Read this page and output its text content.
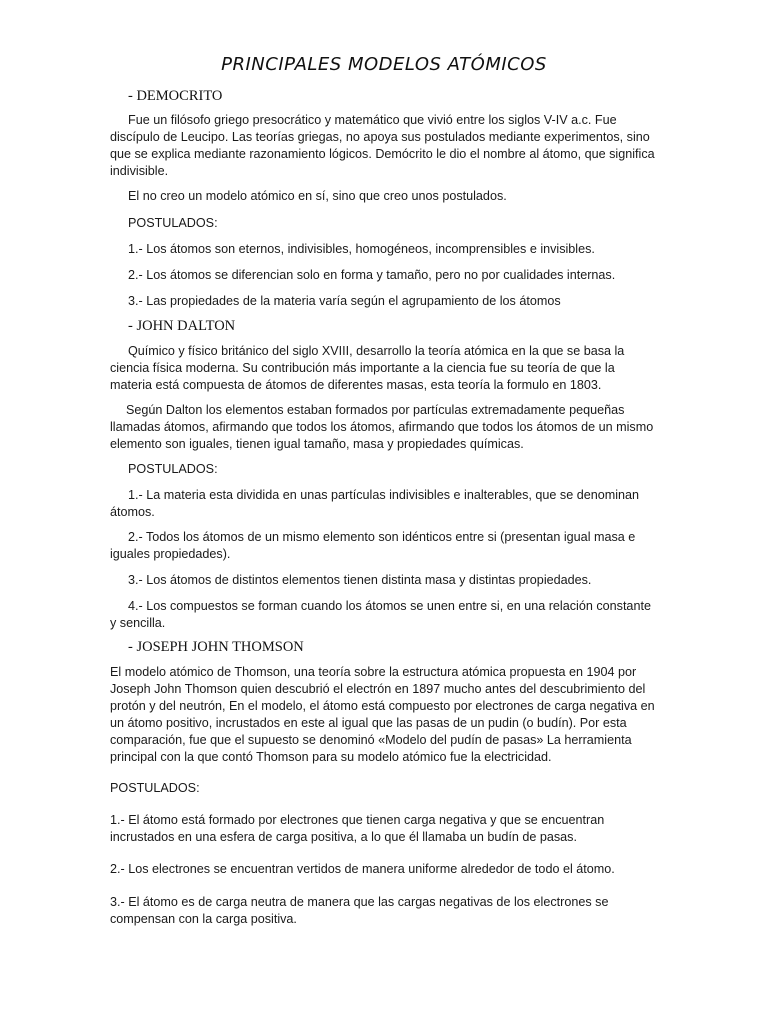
PRINCIPALES MODELOS ATÓMICOS
- DEMOCRITO
Fue un filósofo griego presocrático y matemático que vivió entre los siglos V-IV a.c. Fue discípulo de Leucipo. Las teorías griegas, no apoya sus postulados mediante experimentos, sino que se explica mediante razonamiento lógicos. Demócrito le dio el nombre al átomo, que significa indivisible.
El no creo un modelo atómico en sí, sino que creo unos postulados.
POSTULADOS:
1.- Los átomos son eternos, indivisibles, homogéneos, incomprensibles e invisibles.
2.- Los átomos se diferencian solo en forma y tamaño, pero no por cualidades internas.
3.- Las propiedades de la materia varía según el agrupamiento de los átomos
- JOHN DALTON
Químico y físico británico del siglo XVIII, desarrollo la teoría atómica en la que se basa la ciencia física moderna. Su contribución más importante a la ciencia fue su teoría de que la materia está compuesta de átomos de diferentes masas, esta teoría la formulo en 1803.
Según Dalton los elementos estaban formados por partículas extremadamente pequeñas llamadas átomos, afirmando que todos los átomos, afirmando que todos los átomos de un mismo elemento son iguales, tienen igual tamaño, masa y propiedades químicas.
POSTULADOS:
1.- La materia esta dividida en unas partículas indivisibles e inalterables, que se denominan átomos.
2.- Todos los átomos de un mismo elemento son idénticos entre si (presentan igual masa e iguales propiedades).
3.- Los átomos de distintos elementos tienen distinta masa y distintas propiedades.
4.- Los compuestos se forman cuando los átomos se unen entre si, en una relación constante y sencilla.
- JOSEPH JOHN THOMSON
El modelo atómico de Thomson, una teoría sobre la estructura atómica propuesta en 1904 por Joseph John Thomson quien descubrió el electrón en 1897 mucho antes del descubrimiento del protón y del neutrón, En el modelo, el átomo está compuesto por electrones de carga negativa en un átomo positivo, incrustados en este al igual que las pasas de un pudin (o budín). Por esta comparación, fue que el supuesto se denominó «Modelo del pudín de pasas» La herramienta principal con la que contó Thomson para su modelo atómico fue la electricidad.
POSTULADOS:
1.- El átomo está formado por electrones que tienen carga negativa y que se encuentran incrustados en una esfera de carga positiva, a lo que él llamaba un budín de pasas.
2.- Los electrones se encuentran vertidos de manera uniforme alrededor de todo el átomo.
3.- El átomo es de carga neutra de manera que las cargas negativas de los electrones se compensan con la carga positiva.
